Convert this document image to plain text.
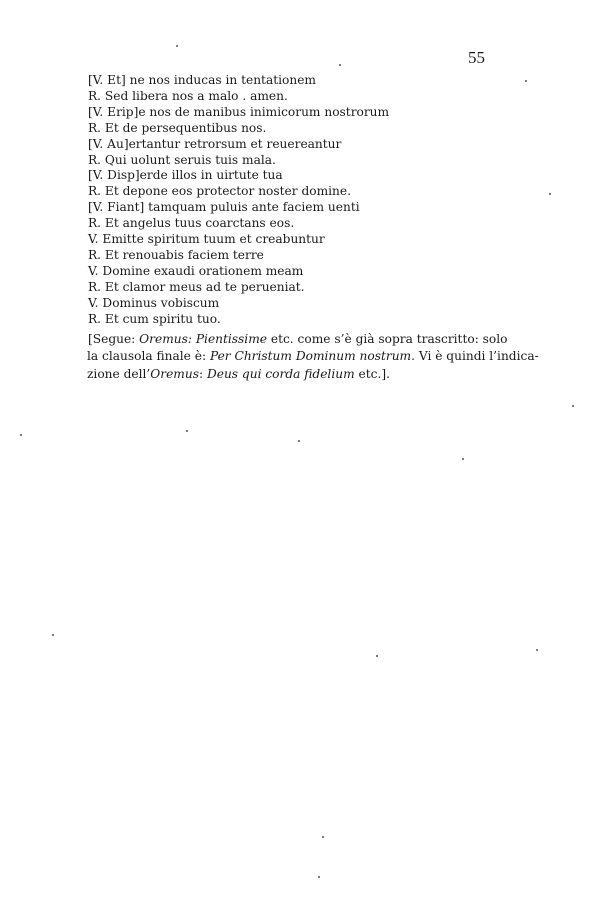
55
[V. Et] ne nos inducas in tentationem
R. Sed libera nos a malo . amen.
[V. Erip]e nos de manibus inimicorum nostrorum
R. Et de persequentibus nos.
[V. Au]ertantur retrorsum et reuereantur
R. Qui uolunt seruis tuis mala.
[V. Disp]erde illos in uirtute tua
R. Et depone eos protector noster domine.
[V. Fiant] tamquam puluis ante faciem uenti
R. Et angelus tuus coarctans eos.
V. Emitte spiritum tuum et creabuntur
R. Et renouabis faciem terre
V. Domine exaudi orationem meam
R. Et clamor meus ad te perueniat.
V. Dominus vobiscum
R. Et cum spiritu tuo.
[Segue: Oremus: Pientissime etc. come s’è già sopra trascritto: solo
la clausola finale è: Per Christum Dominum nostrum. Vi è quindi l’indica-
zione dell’Oremus: Deus qui corda fidelium etc.].
